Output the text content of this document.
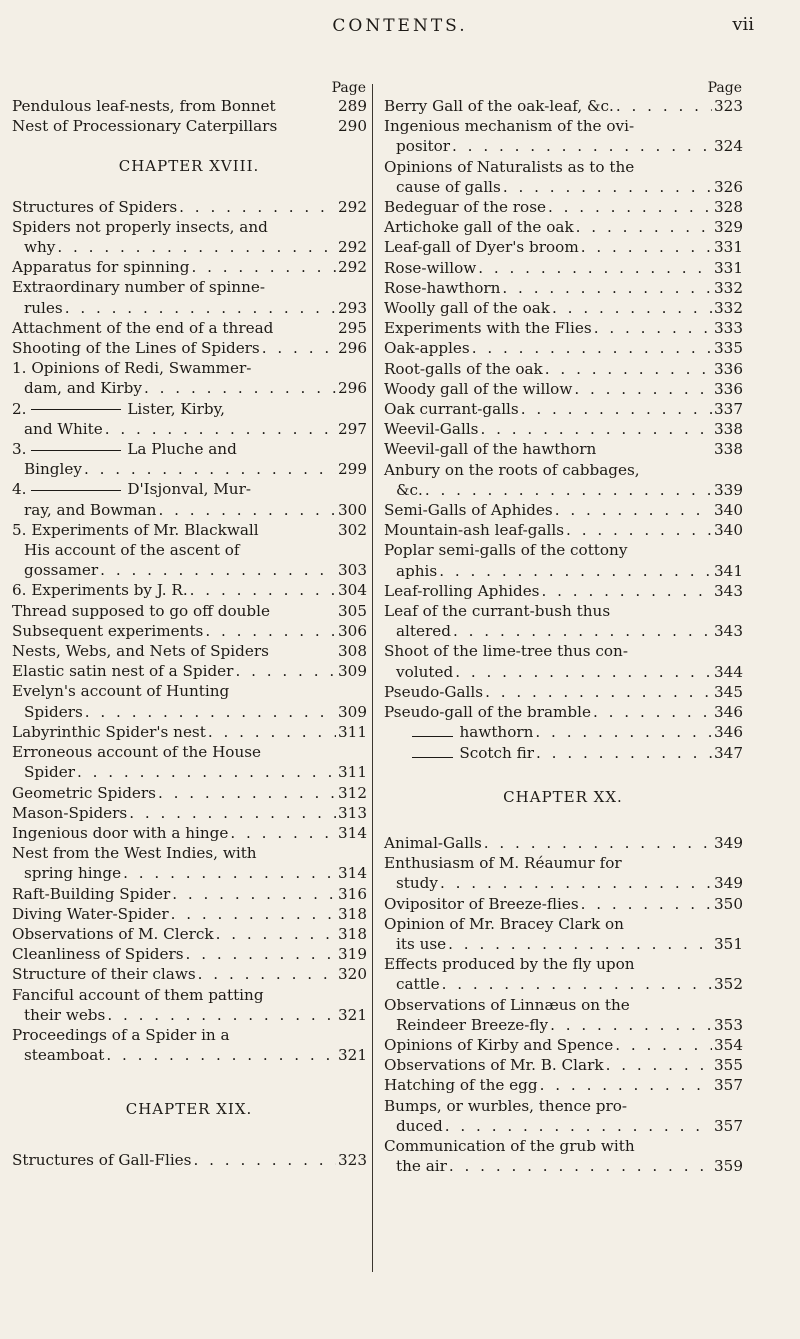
CONTENTS.	vii
Page
Pendulous leaf-nests, from Bonnet	289
Nest of Processionary Caterpillars	290
CHAPTER XVIII.
Structures of Spiders . . .	292
Spiders not properly insects, and
why . . .	292
Apparatus for spinning . . .	292
Extraordinary number of spinne-
rules . . .	293
Attachment of the end of a thread	295
Shooting of the Lines of Spiders . . .	296
1. Opinions of Redi, Swammer-
dam, and Kirby . . .	296
2.	Lister, Kirby,
and White . . .	297
3.	La Pluche and
Bingley . . .	299
4.	D'Isjonval, Mur-
ray, and Bowman . . .	300
5. Experiments of Mr. Blackwall	302
His account of the ascent of
gossamer . . .	303
6. Experiments by J. R. . . .	304
Thread supposed to go off double	305
Subsequent experiments . . .	306
Nests, Webs, and Nets of Spiders	308
Elastic satin nest of a Spider . . .	309
Evelyn's account of Hunting
Spiders . . .	309
Labyrinthic Spider's nest . . .	311
Erroneous account of the House
Spider . . .	311
Geometric Spiders . . .	312
Mason-Spiders . . .	313
Ingenious door with a hinge . . .	314
Nest from the West Indies, with
spring hinge . . .	314
Raft-Building Spider . . .	316
Diving Water-Spider . . .	318
Observations of M. Clerck . . .	318
Cleanliness of Spiders . . .	319
Structure of their claws . . .	320
Fanciful account of them patting
their webs . . .	321
Proceedings of a Spider in a
steamboat . . .	321
CHAPTER XIX.
Structures of Gall-Flies . . .	323
Page
Berry Gall of the oak-leaf, &c. . . .	323
Ingenious mechanism of the ovi-
positor . . .	324
Opinions of Naturalists as to the
cause of galls . . .	326
Bedeguar of the rose . . .	328
Artichoke gall of the oak . . .	329
Leaf-gall of Dyer's broom . . .	331
Rose-willow . . .	331
Rose-hawthorn . . .	332
Woolly gall of the oak . . .	332
Experiments with the Flies . . .	333
Oak-apples . . .	335
Root-galls of the oak . . .	336
Woody gall of the willow . . .	336
Oak currant-galls . . .	337
Weevil-Galls . . .	338
Weevil-gall of the hawthorn	338
Anbury on the roots of cabbages,
&c. . . .	339
Semi-Galls of Aphides . . .	340
Mountain-ash leaf-galls . . .	340
Poplar semi-galls of the cottony
aphis . . .	341
Leaf-rolling Aphides . . .	343
Leaf of the currant-bush thus
altered . . .	343
Shoot of the lime-tree thus con-
voluted . . .	344
Pseudo-Galls . . .	345
Pseudo-gall of the bramble . . .	346
hawthorn . . .	346
Scotch fir . . .	347
CHAPTER XX.
Animal-Galls . . .	349
Enthusiasm of M. Réaumur for
study . . .	349
Ovipositor of Breeze-flies . . .	350
Opinion of Mr. Bracey Clark on
its use . . .	351
Effects produced by the fly upon
cattle . . .	352
Observations of Linnæus on the
Reindeer Breeze-fly . . .	353
Opinions of Kirby and Spence . . .	354
Observations of Mr. B. Clark . . .	355
Hatching of the egg . . .	357
Bumps, or wurbles, thence pro-
duced . . .	357
Communication of the grub with
the air . . .	359
